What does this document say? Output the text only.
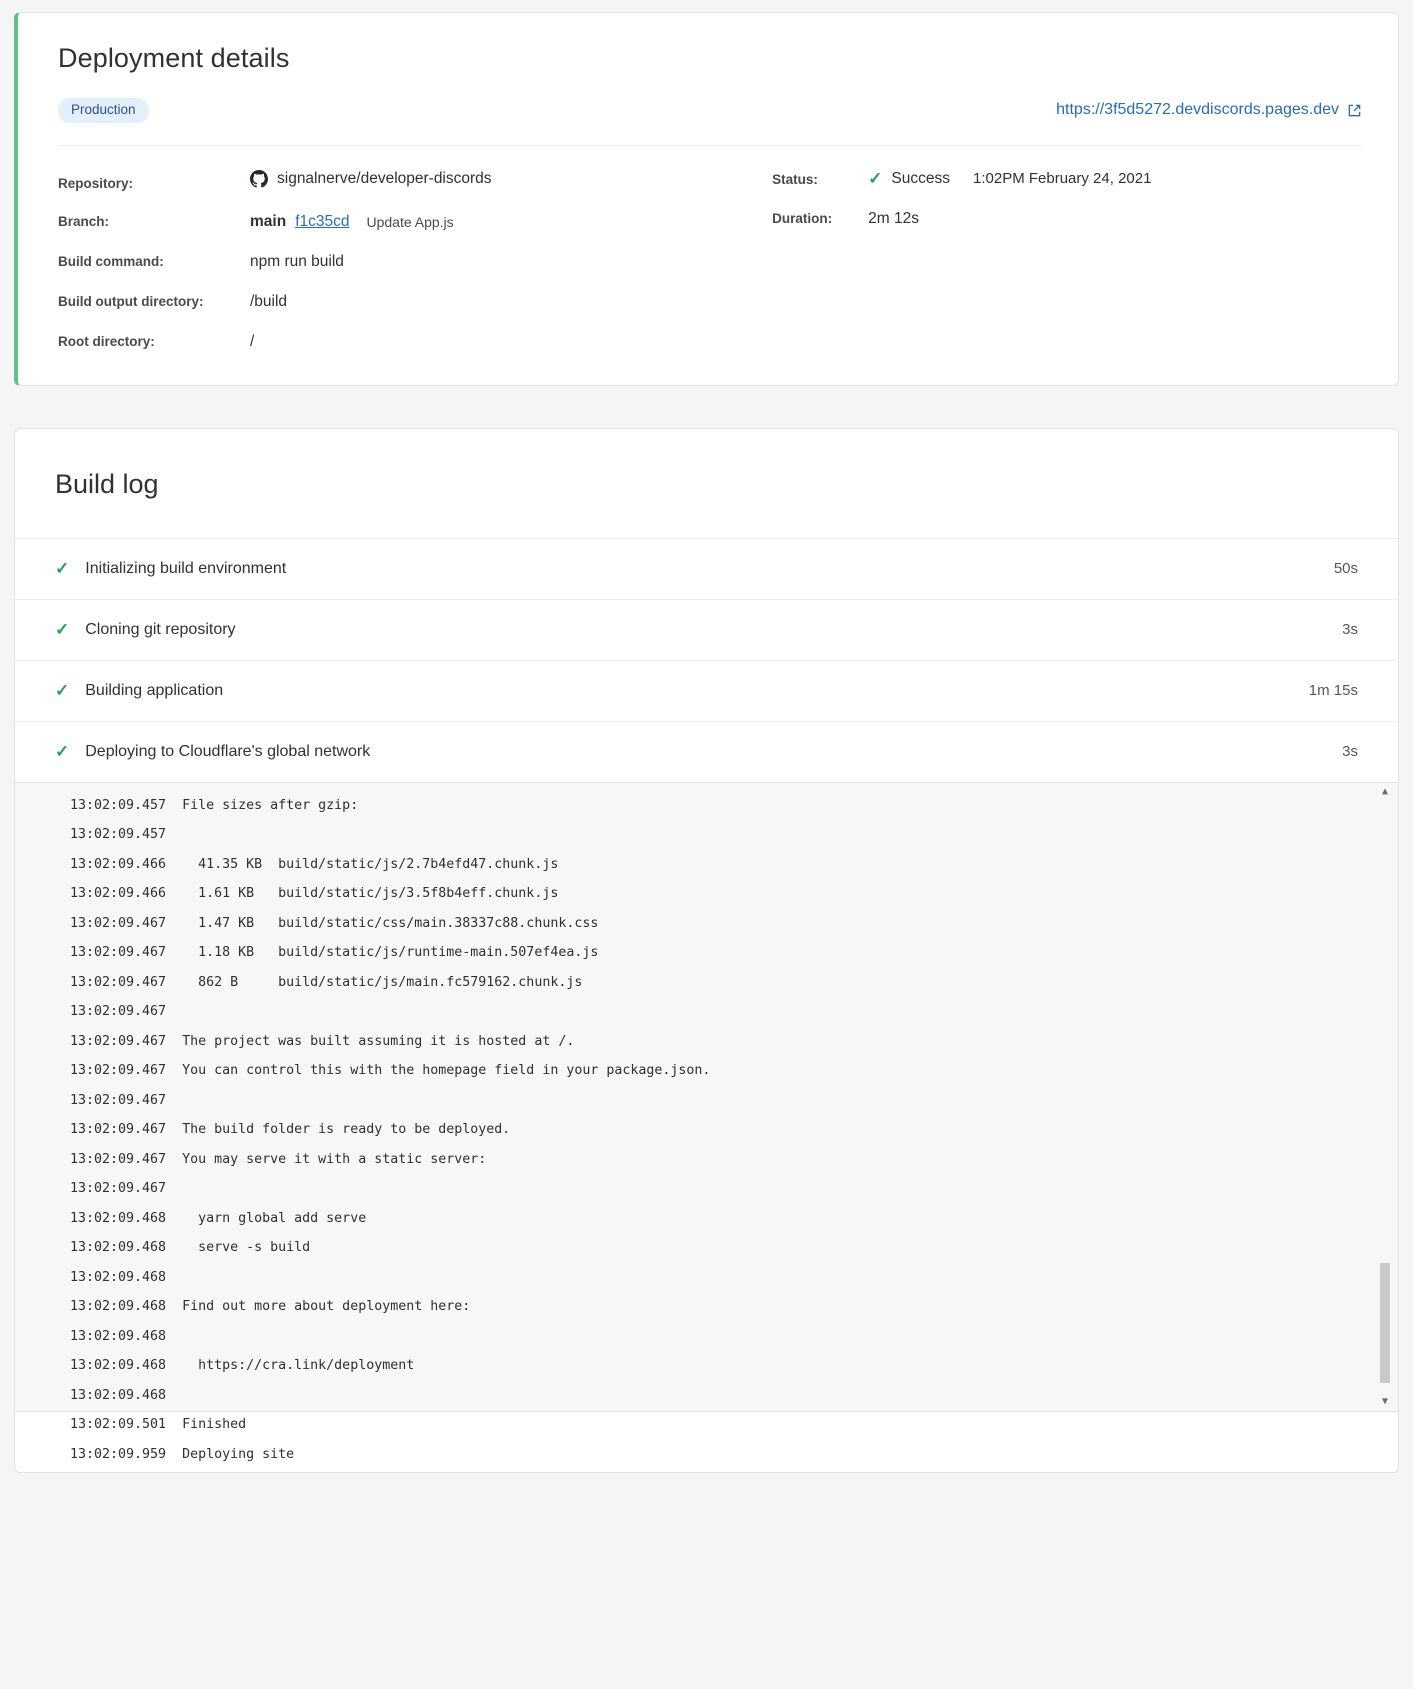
Deployment details
Production	https://3f5d5272.devdiscords.pages.dev
Repository:	signalnerve/developer-discords
Branch:	main f1c35cd Update App.js
Build command:	npm run build
Build output directory:	/build
Root directory:	/
Status:	✓ Success 1:02PM February 24, 2021
Duration:	2m 12s
Build log
✓ Initializing build environment	50s
✓ Cloning git repository	3s
✓ Building application	1m 15s
✓ Deploying to Cloudflare's global network	3s
13:02:09.457  File sizes after gzip:
13:02:09.457
13:02:09.466    41.35 KB  build/static/js/2.7b4efd47.chunk.js
13:02:09.466    1.61 KB   build/static/js/3.5f8b4eff.chunk.js
13:02:09.467    1.47 KB   build/static/css/main.38337c88.chunk.css
13:02:09.467    1.18 KB   build/static/js/runtime-main.507ef4ea.js
13:02:09.467    862 B     build/static/js/main.fc579162.chunk.js
13:02:09.467
13:02:09.467  The project was built assuming it is hosted at /.
13:02:09.467  You can control this with the homepage field in your package.json.
13:02:09.467
13:02:09.467  The build folder is ready to be deployed.
13:02:09.467  You may serve it with a static server:
13:02:09.467
13:02:09.468    yarn global add serve
13:02:09.468    serve -s build
13:02:09.468
13:02:09.468  Find out more about deployment here:
13:02:09.468
13:02:09.468    https://cra.link/deployment
13:02:09.468
13:02:09.501  Finished
13:02:09.959  Deploying site
▲
▼
